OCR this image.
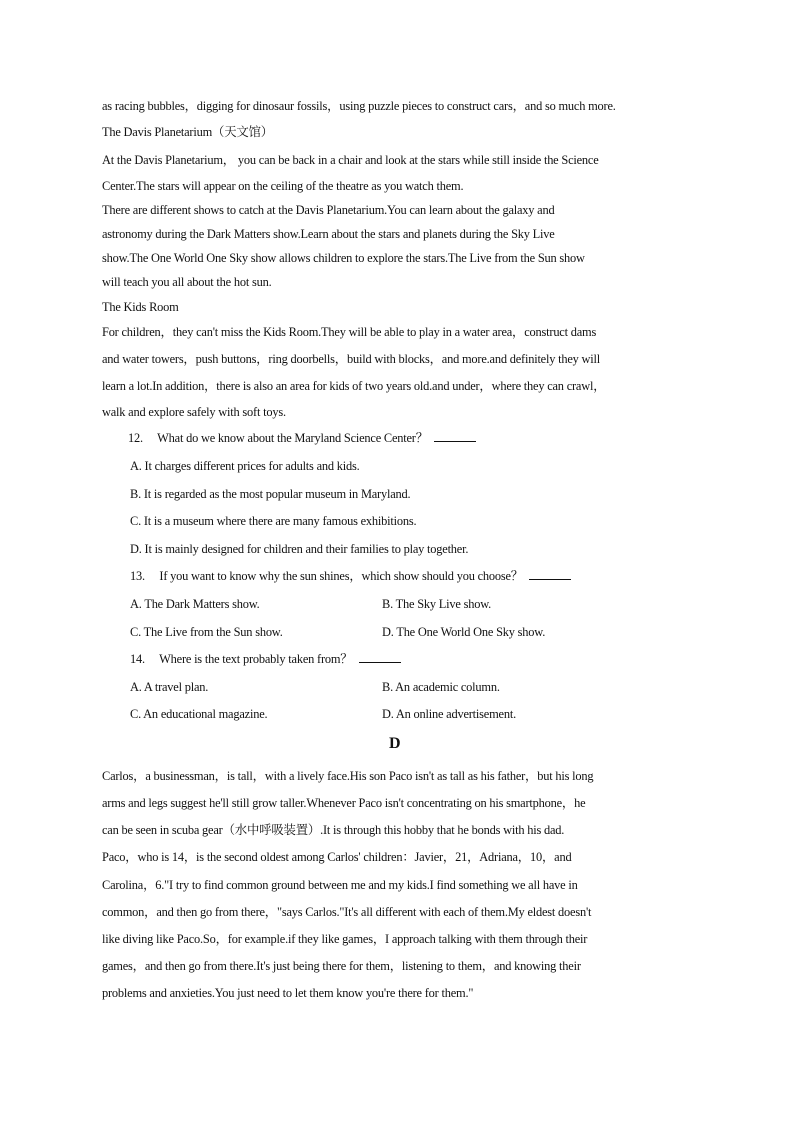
as racing bubbles，digging for dinosaur fossils，using puzzle pieces to construct cars，and so much more.
The Davis Planetarium（天文馆）
At the Davis Planetarium， you can be back in a chair and look at the stars while still inside the Science
Center.The stars will appear on the ceiling of the theatre as you watch them.
There are different shows to catch at the Davis Planetarium.You can learn about the galaxy and
astronomy during the Dark Matters show.Learn about the stars and planets during the Sky Live
show.The One World One Sky show allows children to explore the stars.The Live from the Sun show
will teach you all about the hot sun.
The Kids Room
For children，they can't miss the Kids Room.They will be able to play in a water area，construct dams
and water towers，push buttons，ring doorbells，build with blocks，and more.and definitely they will
learn a lot.In addition，there is also an area for kids of two years old.and under，where they can crawl，
walk and explore safely with soft toys.
12. What do we know about the Maryland Science Center？
A. It charges different prices for adults and kids.
B. It is regarded as the most popular museum in Maryland.
C. It is a museum where there are many famous exhibitions.
D. It is mainly designed for children and their families to play together.
13. If you want to know why the sun shines，which show should you choose？
A. The Dark Matters show.	B. The Sky Live show.
C. The Live from the Sun show.	D. The One World One Sky show.
14. Where is the text probably taken from？
A. A travel plan.	B. An academic column.
C. An educational magazine.	D. An online advertisement.
D
Carlos，a businessman，is tall，with a lively face.His son Paco isn't as tall as his father，but his long
arms and legs suggest he'll still grow taller.Whenever Paco isn't concentrating on his smartphone，he
can be seen in scuba gear（水中呼吸装置）.It is through this hobby that he bonds with his dad.
Paco，who is 14，is the second oldest among Carlos' children：Javier，21，Adriana，10，and
Carolina，6."I try to find common ground between me and my kids.I find something we all have in
common，and then go from there，"says Carlos."It's all different with each of them.My eldest doesn't
like diving like Paco.So，for example.if they like games，I approach talking with them through their
games，and then go from there.It's just being there for them，listening to them，and knowing their
problems and anxieties.You just need to let them know you're there for them."
